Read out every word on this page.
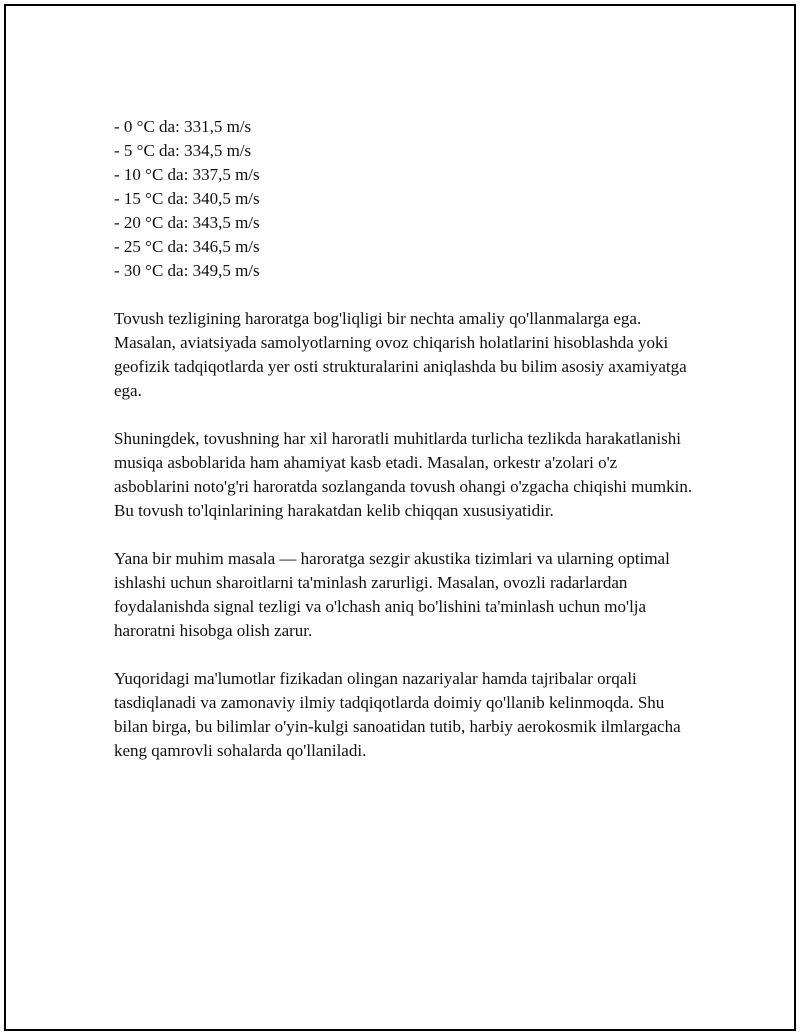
- 0 °C da: 331,5 m/s

- 5 °C da: 334,5 m/s

- 10 °C da: 337,5 m/s

- 15 °C da: 340,5 m/s

- 20 °C da: 343,5 m/s

- 25 °C da: 346,5 m/s

- 30 °C da: 349,5 m/s

Tovush tezligining haroratga bog'liqligi bir nechta amaliy qo'llanmalarga ega. Masalan, aviatsiyada samolyotlarning ovoz chiqarish holatlarini hisoblashda yoki geofizik tadqiqotlarda yer osti strukturalarini aniqlashda bu bilim asosiy axamiyatga ega.

Shuningdek, tovushning har xil haroratli muhitlarda turlicha tezlikda harakatlanishi musiqa asboblarida ham ahamiyat kasb etadi. Masalan, orkestr a'zolari o'z asboblarini noto'g'ri haroratda sozlanganda tovush ohangi o'zgacha chiqishi mumkin. Bu tovush to'lqinlarining harakatdan kelib chiqqan xususiyatidir.

Yana bir muhim masala — haroratga sezgir akustika tizimlari va ularning optimal ishlashi uchun sharoitlarni ta'minlash zarurligi. Masalan, ovozli radarlardan foydalanishda signal tezligi va o'lchash aniq bo'lishini ta'minlash uchun mo'lja haroratni hisobga olish zarur.

Yuqoridagi ma'lumotlar fizikadan olingan nazariyalar hamda tajribalar orqali tasdiqlanadi va zamonaviy ilmiy tadqiqotlarda doimiy qo'llanib kelinmoqda. Shu bilan birga, bu bilimlar o'yin-kulgi sanoatidan tutib, harbiy aerokosmik ilmlargacha keng qamrovli sohalarda qo'llaniladi.
